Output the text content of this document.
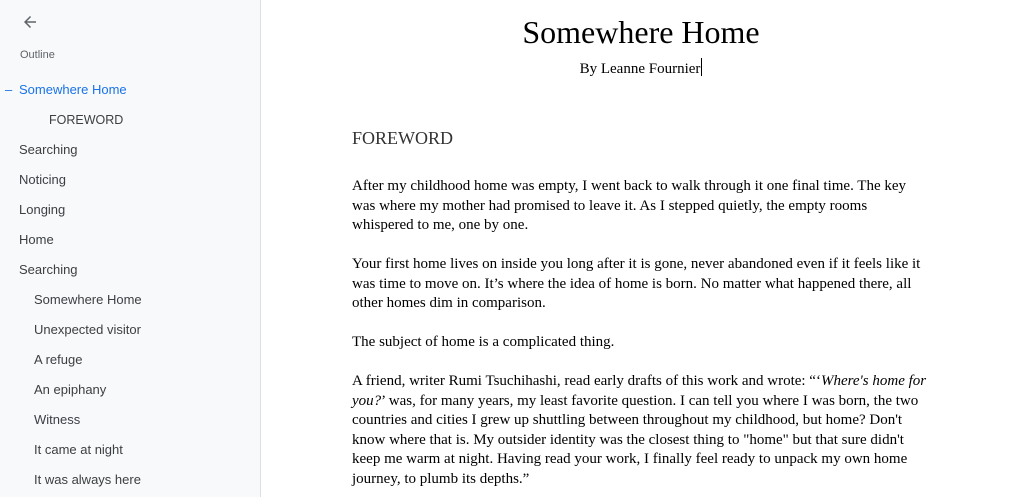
Outline
– Somewhere Home
FOREWORD
Searching
Noticing
Longing
Home
Searching
Somewhere Home
Unexpected visitor
A refuge
An epiphany
Witness
It came at night
It was always here
Somewhere Home
By Leanne Fournier
FOREWORD
After my childhood home was empty, I went back to walk through it one final time. The key was where my mother had promised to leave it. As I stepped quietly, the empty rooms whispered to me, one by one.
Your first home lives on inside you long after it is gone, never abandoned even if it feels like it was time to move on. It’s where the idea of home is born. No matter what happened there, all other homes dim in comparison.
The subject of home is a complicated thing.
A friend, writer Rumi Tsuchihashi, read early drafts of this work and wrote: “‘Where's home for you?’ was, for many years, my least favorite question. I can tell you where I was born, the two countries and cities I grew up shuttling between throughout my childhood, but home? Don't know where that is. My outsider identity was the closest thing to "home" but that sure didn't keep me warm at night. Having read your work, I finally feel ready to unpack my own home journey, to plumb its depths.”
